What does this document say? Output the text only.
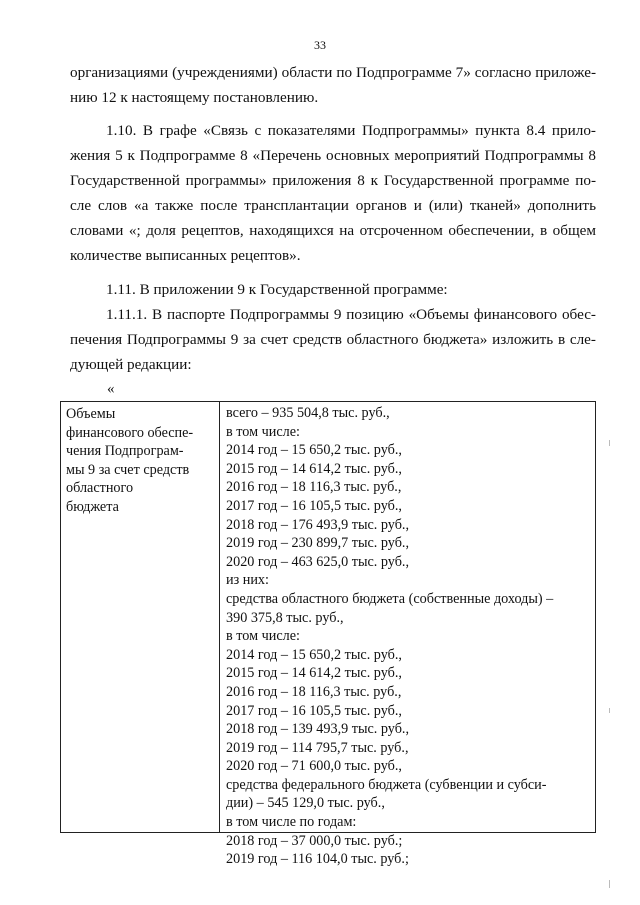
33
организациями (учреждениями) области по Подпрограмме 7» согласно приложе-
нию 12 к настоящему постановлению.
1.10. В графе «Связь с показателями Подпрограммы» пункта 8.4 прило-
жения 5 к Подпрограмме 8 «Перечень основных мероприятий Подпрограммы 8
Государственной программы» приложения 8 к Государственной программе по-
сле слов «а также после трансплантации органов и (или) тканей» дополнить
словами «; доля рецептов, находящихся на отсроченном обеспечении, в общем
количестве выписанных рецептов».
1.11. В приложении 9 к Государственной программе:
1.11.1. В паспорте Подпрограммы 9 позицию «Объемы финансового обес-
печения Подпрограммы 9 за счет средств областного бюджета» изложить в сле-
дующей редакции:
«
Объемы
финансового обеспе-
чения Подпрограм-
мы 9 за счет средств
областного
бюджета
всего – 935 504,8 тыс. руб.,
в том числе:
2014 год – 15 650,2 тыс. руб.,
2015 год – 14 614,2 тыс. руб.,
2016 год – 18 116,3 тыс. руб.,
2017 год – 16 105,5 тыс. руб.,
2018 год – 176 493,9 тыс. руб.,
2019 год – 230 899,7 тыс. руб.,
2020 год – 463 625,0 тыс. руб.,
из них:
средства областного бюджета (собственные доходы) –
390 375,8 тыс. руб.,
в том числе:
2014 год – 15 650,2 тыс. руб.,
2015 год – 14 614,2 тыс. руб.,
2016 год – 18 116,3 тыс. руб.,
2017 год – 16 105,5 тыс. руб.,
2018 год – 139 493,9 тыс. руб.,
2019 год – 114 795,7 тыс. руб.,
2020 год – 71 600,0 тыс. руб.,
средства федерального бюджета (субвенции и субси-
дии) – 545 129,0 тыс. руб.,
в том числе по годам:
2018 год – 37 000,0 тыс. руб.;
2019 год – 116 104,0 тыс. руб.;
